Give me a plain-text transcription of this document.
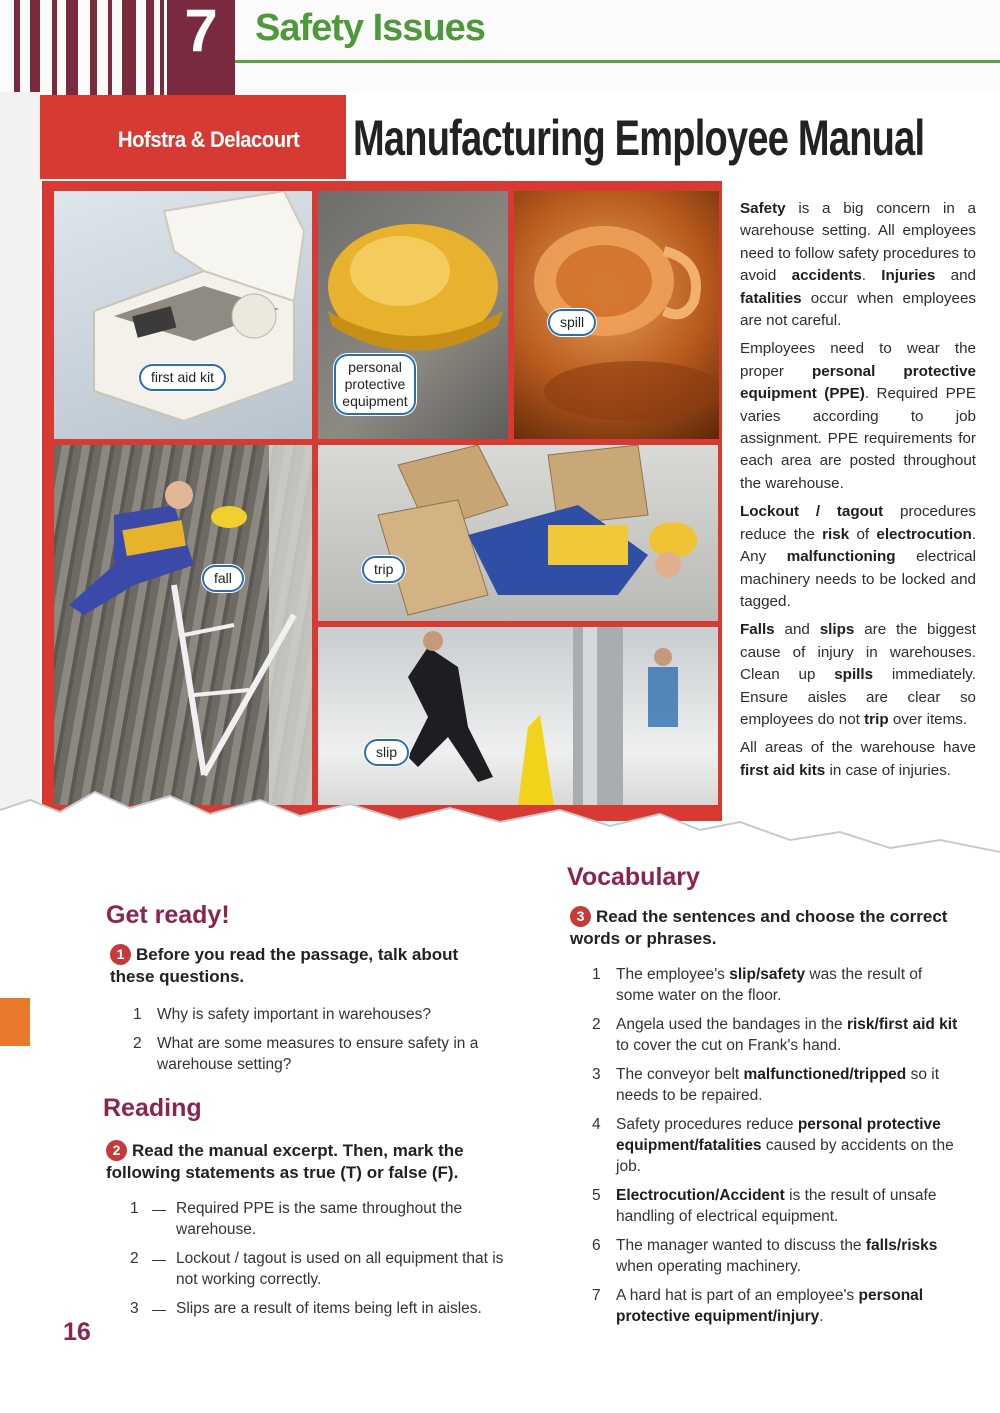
7 Safety Issues
Hofstra & Delacourt Manufacturing Employee Manual
first aid kit
personal protective equipment
spill
fall
trip
slip

Safety is a big concern in a warehouse setting. All employees need to follow safety procedures to avoid accidents. Injuries and fatalities occur when employees are not careful.

Employees need to wear the proper personal protective equipment (PPE). Required PPE varies according to job assignment. PPE requirements for each area are posted throughout the warehouse.

Lockout / tagout procedures reduce the risk of electrocution. Any malfunctioning electrical machinery needs to be locked and tagged.

Falls and slips are the biggest cause of injury in warehouses. Clean up spills immediately. Ensure aisles are clear so employees do not trip over items.

All areas of the warehouse have first aid kits in case of injuries.

Get ready!
1 Before you read the passage, talk about these questions.
1 Why is safety important in warehouses?
2 What are some measures to ensure safety in a warehouse setting?
Reading
2 Read the manual excerpt. Then, mark the following statements as true (T) or false (F).
1 Required PPE is the same throughout the warehouse.
2 Lockout / tagout is used on all equipment that is not working correctly.
3 Slips are a result of items being left in aisles.
Vocabulary
3 Read the sentences and choose the correct words or phrases.
1 The employee's slip/safety was the result of some water on the floor.
2 Angela used the bandages in the risk/first aid kit to cover the cut on Frank's hand.
3 The conveyor belt malfunctioned/tripped so it needs to be repaired.
4 Safety procedures reduce personal protective equipment/fatalities caused by accidents on the job.
5 Electrocution/Accident is the result of unsafe handling of electrical equipment.
6 The manager wanted to discuss the falls/risks when operating machinery.
7 A hard hat is part of an employee's personal protective equipment/injury.
16
